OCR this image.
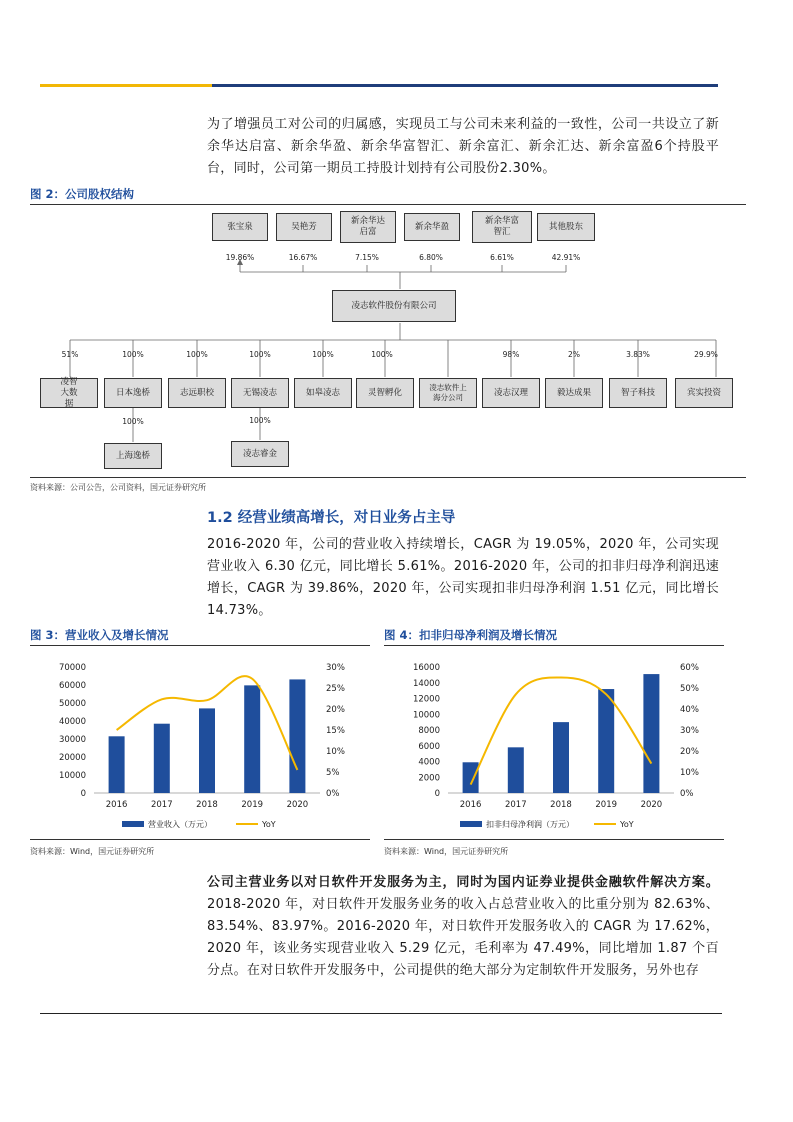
为了增强员工对公司的归属感，实现员工与公司未来利益的一致性，公司一共设立了新余华达启富、新余华盈、新余华富智汇、新余富汇、新余汇达、新余富盈6个持股平台，同时，公司第一期员工持股计划持有公司股份2.30%。

图 2：公司股权结构
张宝泉	吴艳芳
新余华达启富
新余华盈
新余华富智汇
其他股东
19.86%	16.67%	7.15%	6.80%	6.61%	42.91%
凌志软件股份有限公司
51%	100%	100%	100%	100%	100%	98%	2%	3.83%	29.9%
凌智大数据
日本逸桥	志远职校	无锡凌志	如皋凌志	灵智孵化	凌志软件上海分公司	凌志汉理	毅达成果	智子科技	宾实投资
100%	100%
上海逸桥	凌志睿金
资料来源：公司公告，公司资料，国元证券研究所
1.2 经营业绩高增长，对日业务占主导

2016-2020 年，公司的营业收入持续增长，CAGR 为 19.05%，2020 年，公司实现营业收入 6.30 亿元，同比增长 5.61%。2016-2020 年，公司的扣非归母净利润迅速增长，CAGR 为 39.86%，2020 年，公司实现扣非归母净利润 1.51 亿元，同比增长 14.73%。

图 3：营业收入及增长情况
0
10000
20000
30000
40000
50000
60000
70000
0%
5%
10%
15%
20%
25%
30%
2016	2017	2018	2019	2020
营业收入（万元）	YoY
资料来源：Wind，国元证券研究所
图 4：扣非归母净利润及增长情况
0
2000
4000
6000
8000
10000
12000
14000
16000
0%
10%
20%
30%
40%
50%
60%
2016	2017	2018	2019	2020
扣非归母净利润（万元）	YoY
资料来源：Wind，国元证券研究所

公司主营业务以对日软件开发服务为主，同时为国内证券业提供金融软件解决方案。2018-2020 年，对日软件开发服务业务的收入占总营业收入的比重分别为 82.63%、83.54%、83.97%。2016-2020 年，对日软件开发服务收入的 CAGR 为 17.62%，2020 年，该业务实现营业收入 5.29 亿元，毛利率为 47.49%，同比增加 1.87 个百分点。在对日软件开发服务中，公司提供的绝大部分为定制软件开发服务，另外也存
